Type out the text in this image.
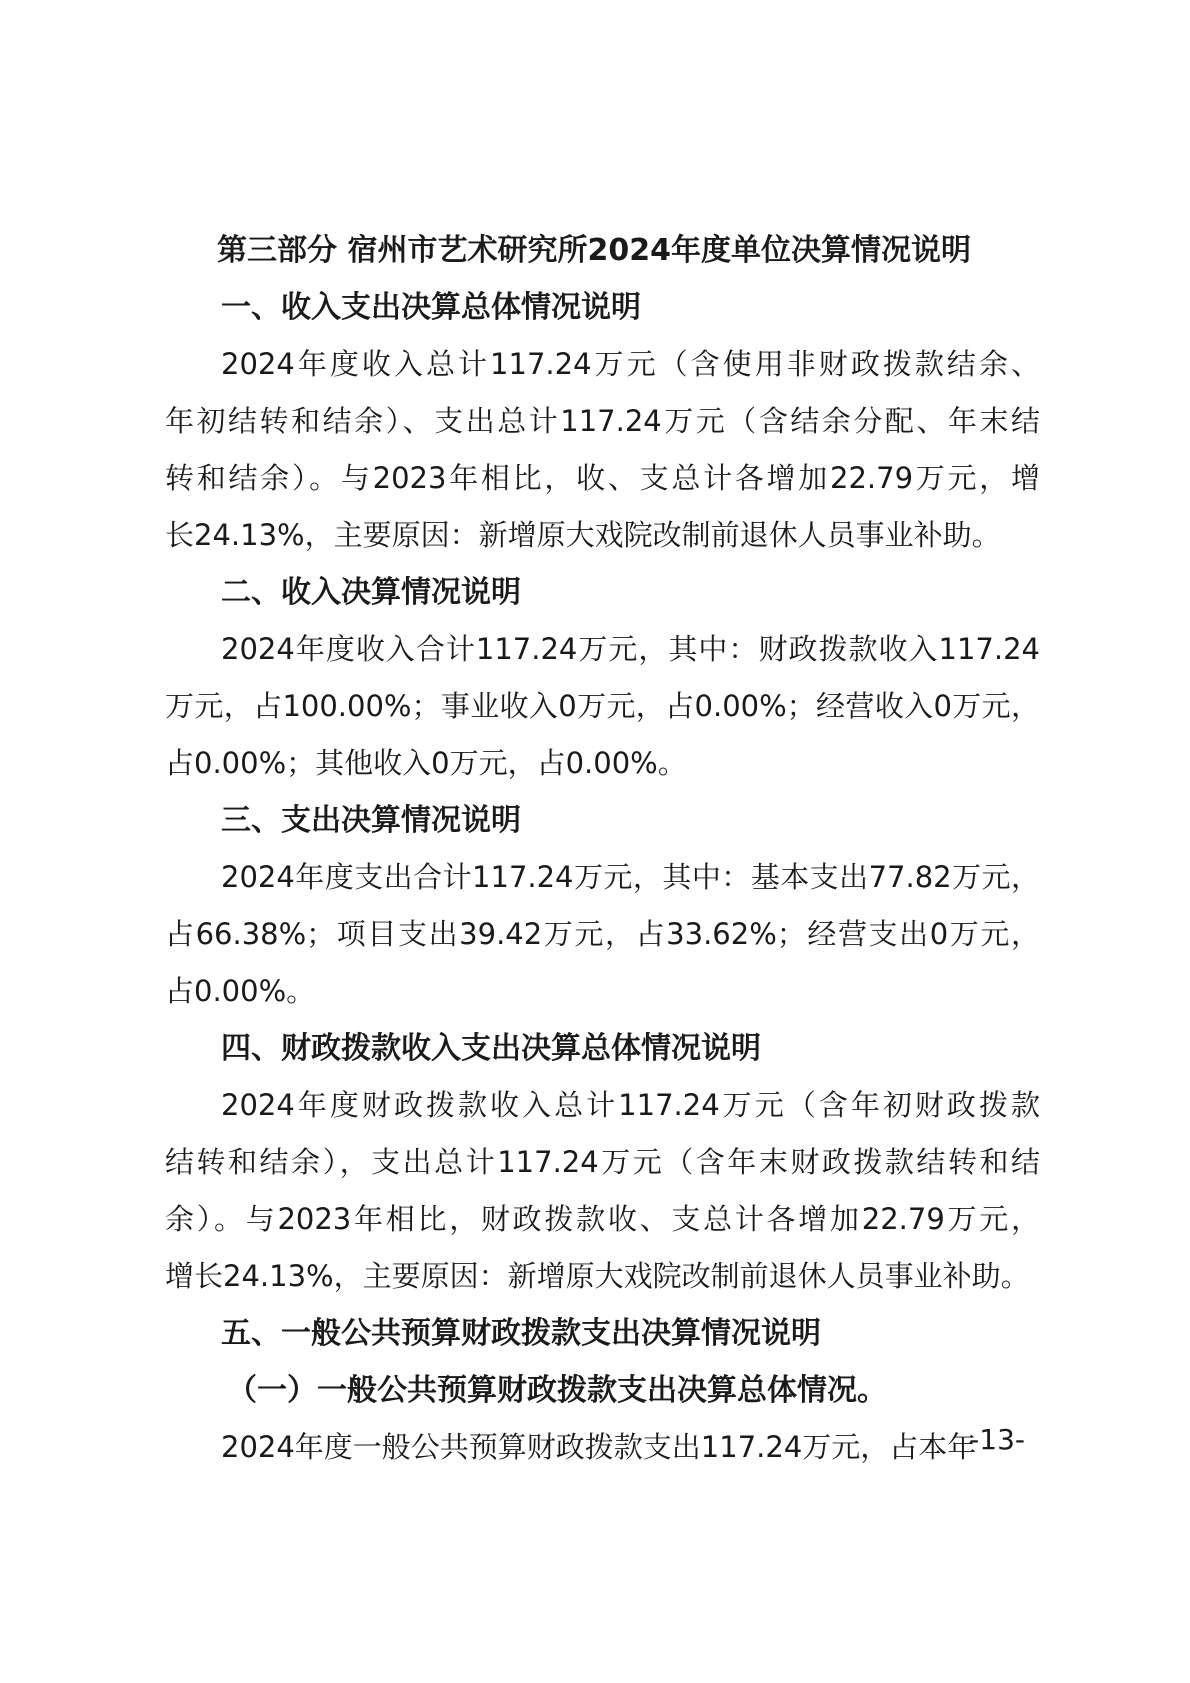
第三部分 宿州市艺术研究所2024年度单位决算情况说明
一、收入支出决算总体情况说明
2024年度收入总计117.24万元（含使用非财政拨款结余、
年初结转和结余）、支出总计117.24万元（含结余分配、年末结
转和结余）。与2023年相比，收、支总计各增加22.79万元，增
长24.13%，主要原因：新增原大戏院改制前退休人员事业补助。
二、收入决算情况说明
2024年度收入合计117.24万元，其中：财政拨款收入117.24
万元，占100.00%；事业收入0万元，占0.00%；经营收入0万元，
占0.00%；其他收入0万元，占0.00%。
三、支出决算情况说明
2024年度支出合计117.24万元，其中：基本支出77.82万元，
占66.38%；项目支出39.42万元，占33.62%；经营支出0万元，
占0.00%。
四、财政拨款收入支出决算总体情况说明
2024年度财政拨款收入总计117.24万元（含年初财政拨款
结转和结余），支出总计117.24万元（含年末财政拨款结转和结
余）。与2023年相比，财政拨款收、支总计各增加22.79万元，
增长24.13%，主要原因：新增原大戏院改制前退休人员事业补助。
五、一般公共预算财政拨款支出决算情况说明
（一）一般公共预算财政拨款支出决算总体情况。
2024年度一般公共预算财政拨款支出117.24万元，占本年
-13-
